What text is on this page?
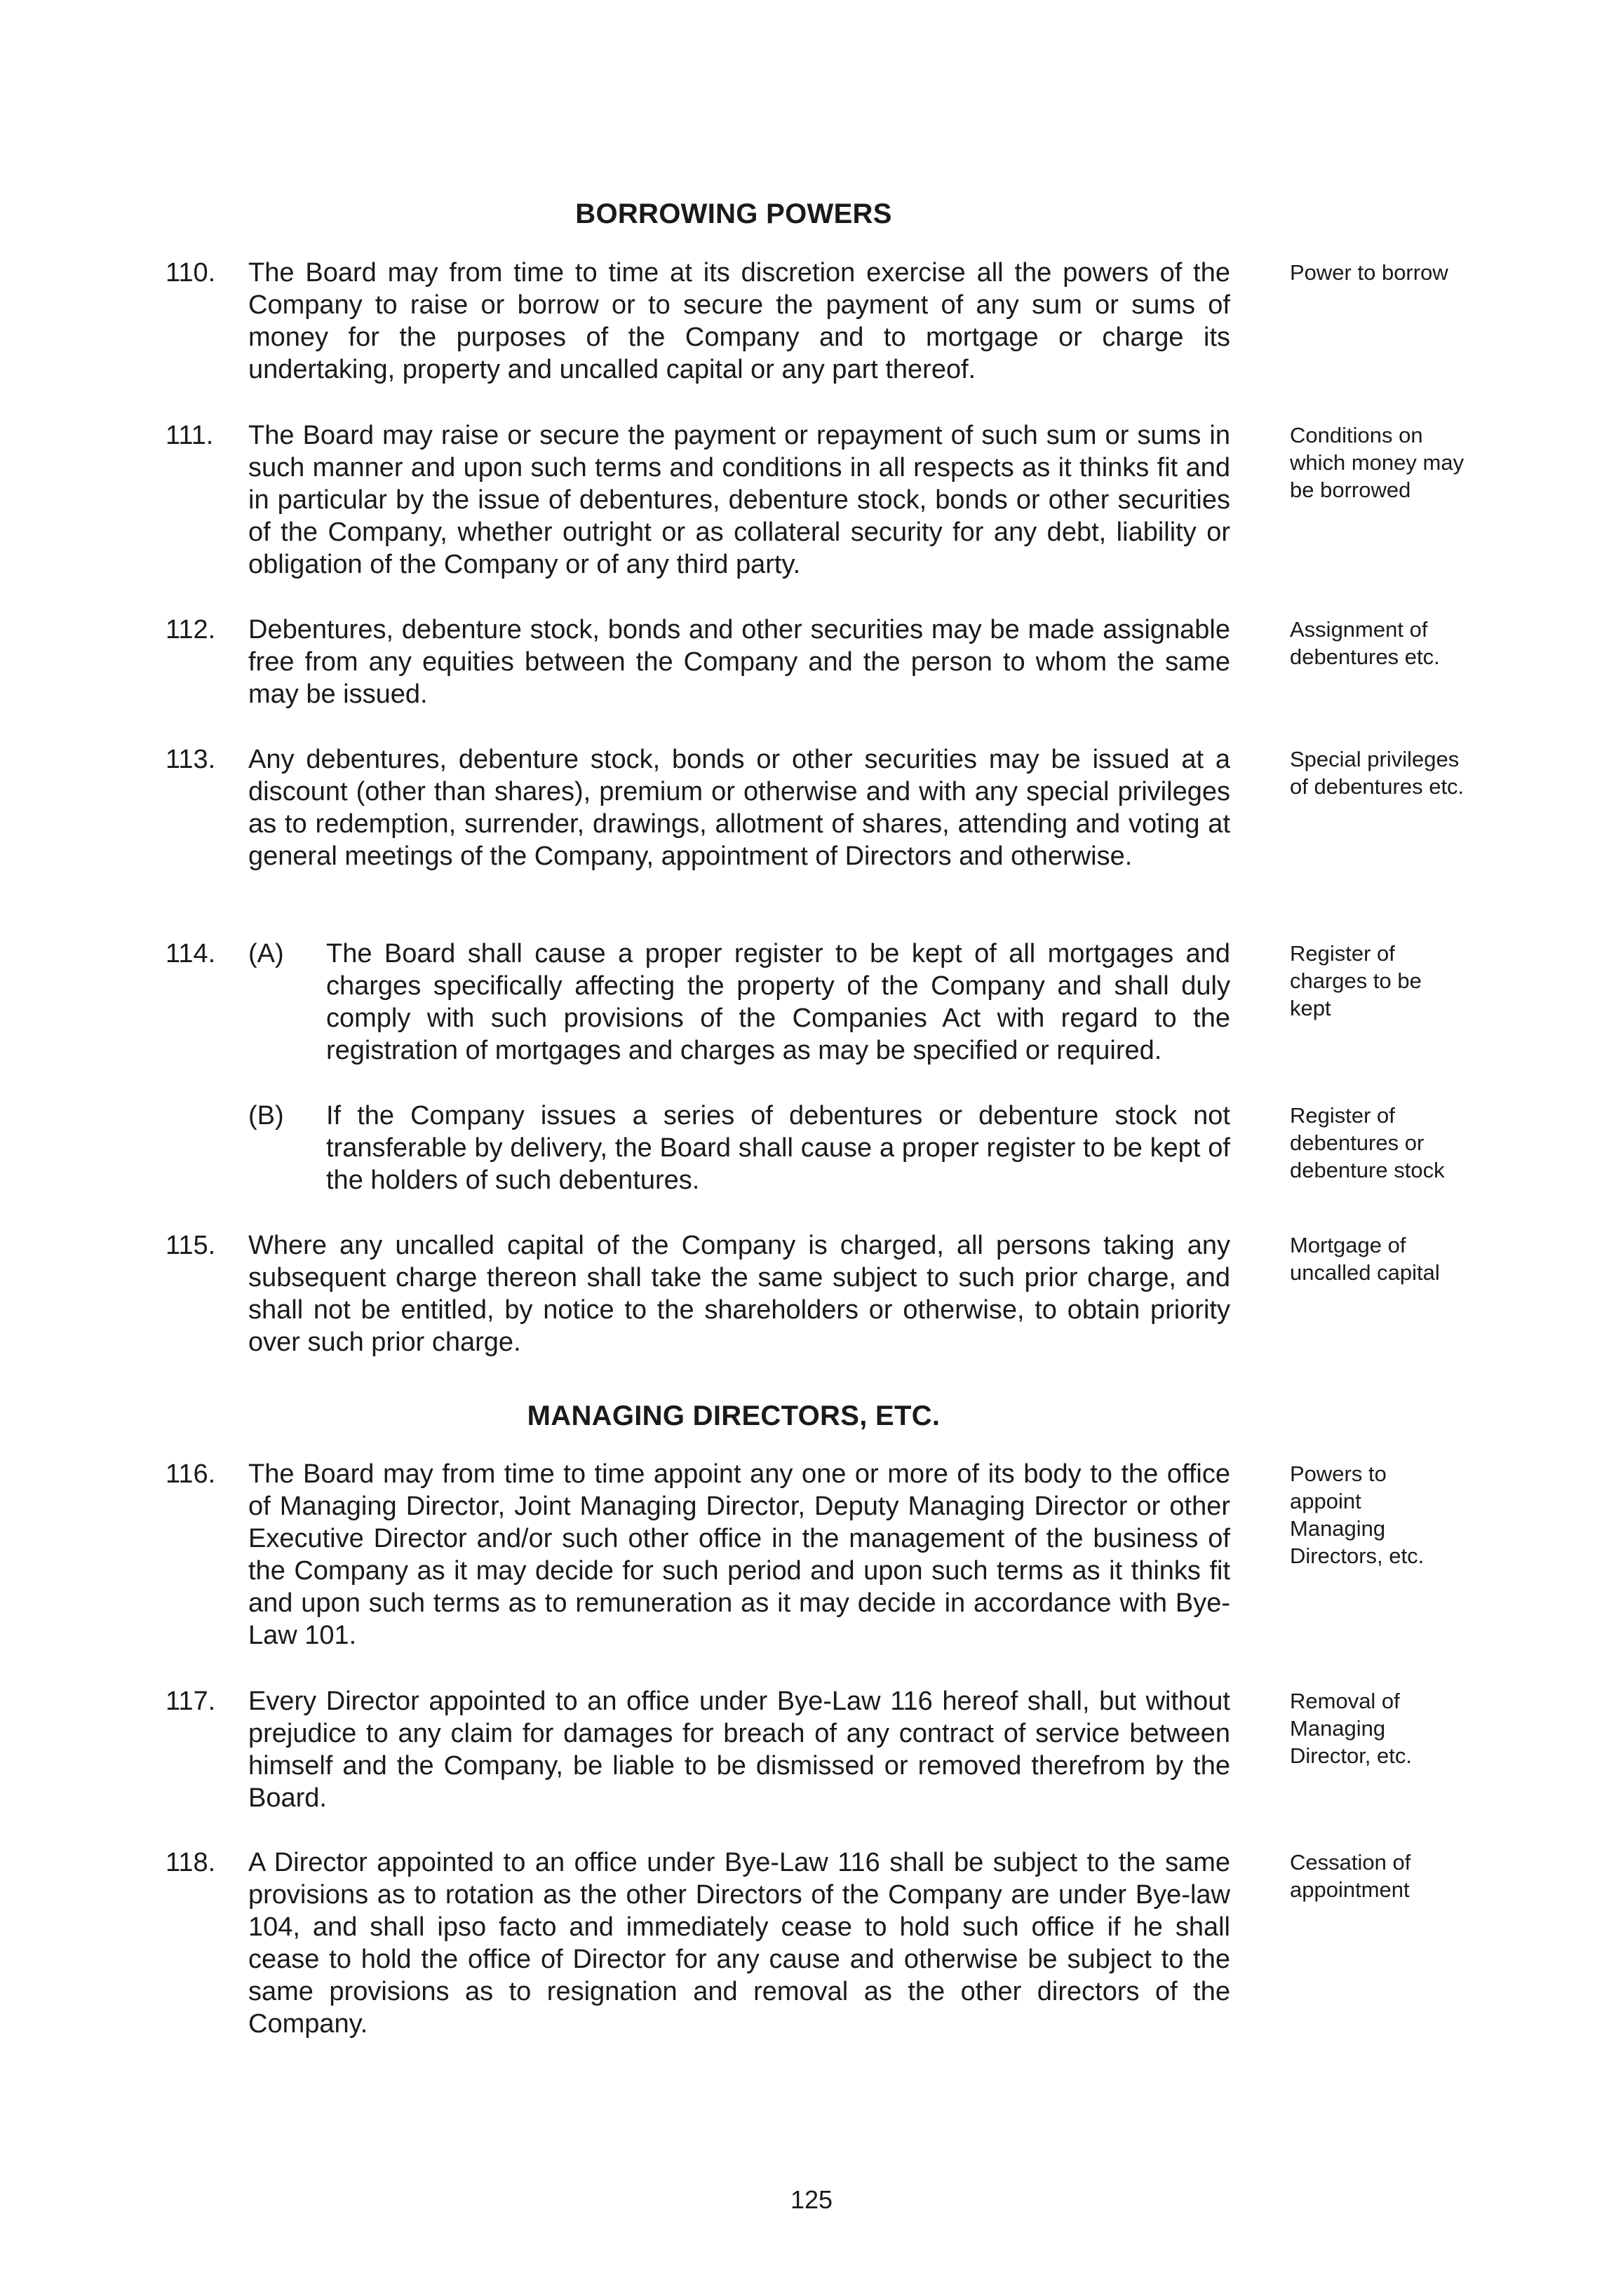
BORROWING POWERS
110.	The Board may from time to time at its discretion exercise all the powers of the Company to raise or borrow or to secure the payment of any sum or sums of money for the purposes of the Company and to mortgage or charge its undertaking, property and uncalled capital or any part thereof.
Power to borrow
111.	The Board may raise or secure the payment or repayment of such sum or sums in such manner and upon such terms and conditions in all respects as it thinks fit and in particular by the issue of debentures, debenture stock, bonds or other securities of the Company, whether outright or as collateral security for any debt, liability or obligation of the Company or of any third party.
Conditions on which money may be borrowed
112.	Debentures, debenture stock, bonds and other securities may be made assignable free from any equities between the Company and the person to whom the same may be issued.
Assignment of debentures etc.
113.	Any debentures, debenture stock, bonds or other securities may be issued at a discount (other than shares), premium or otherwise and with any special privileges as to redemption, surrender, drawings, allotment of shares, attending and voting at general meetings of the Company, appointment of Directors and otherwise.
Special privileges of debentures etc.
114.	(A)	The Board shall cause a proper register to be kept of all mortgages and charges specifically affecting the property of the Company and shall duly comply with such provisions of the Companies Act with regard to the registration of mortgages and charges as may be specified or required.
Register of charges to be kept
(B)	If the Company issues a series of debentures or debenture stock not transferable by delivery, the Board shall cause a proper register to be kept of the holders of such debentures.
Register of debentures or debenture stock
115.	Where any uncalled capital of the Company is charged, all persons taking any subsequent charge thereon shall take the same subject to such prior charge, and shall not be entitled, by notice to the shareholders or otherwise, to obtain priority over such prior charge.
Mortgage of uncalled capital
MANAGING DIRECTORS, ETC.
116.	The Board may from time to time appoint any one or more of its body to the office of Managing Director, Joint Managing Director, Deputy Managing Director or other Executive Director and/or such other office in the management of the business of the Company as it may decide for such period and upon such terms as it thinks fit and upon such terms as to remuneration as it may decide in accordance with Bye-Law 101.
Powers to appoint Managing Directors, etc.
117.	Every Director appointed to an office under Bye-Law 116 hereof shall, but without prejudice to any claim for damages for breach of any contract of service between himself and the Company, be liable to be dismissed or removed therefrom by the Board.
Removal of Managing Director, etc.
118.	A Director appointed to an office under Bye-Law 116 shall be subject to the same provisions as to rotation as the other Directors of the Company are under Bye-law 104, and shall ipso facto and immediately cease to hold such office if he shall cease to hold the office of Director for any cause and otherwise be subject to the same provisions as to resignation and removal as the other directors of the Company.
Cessation of appointment
125
